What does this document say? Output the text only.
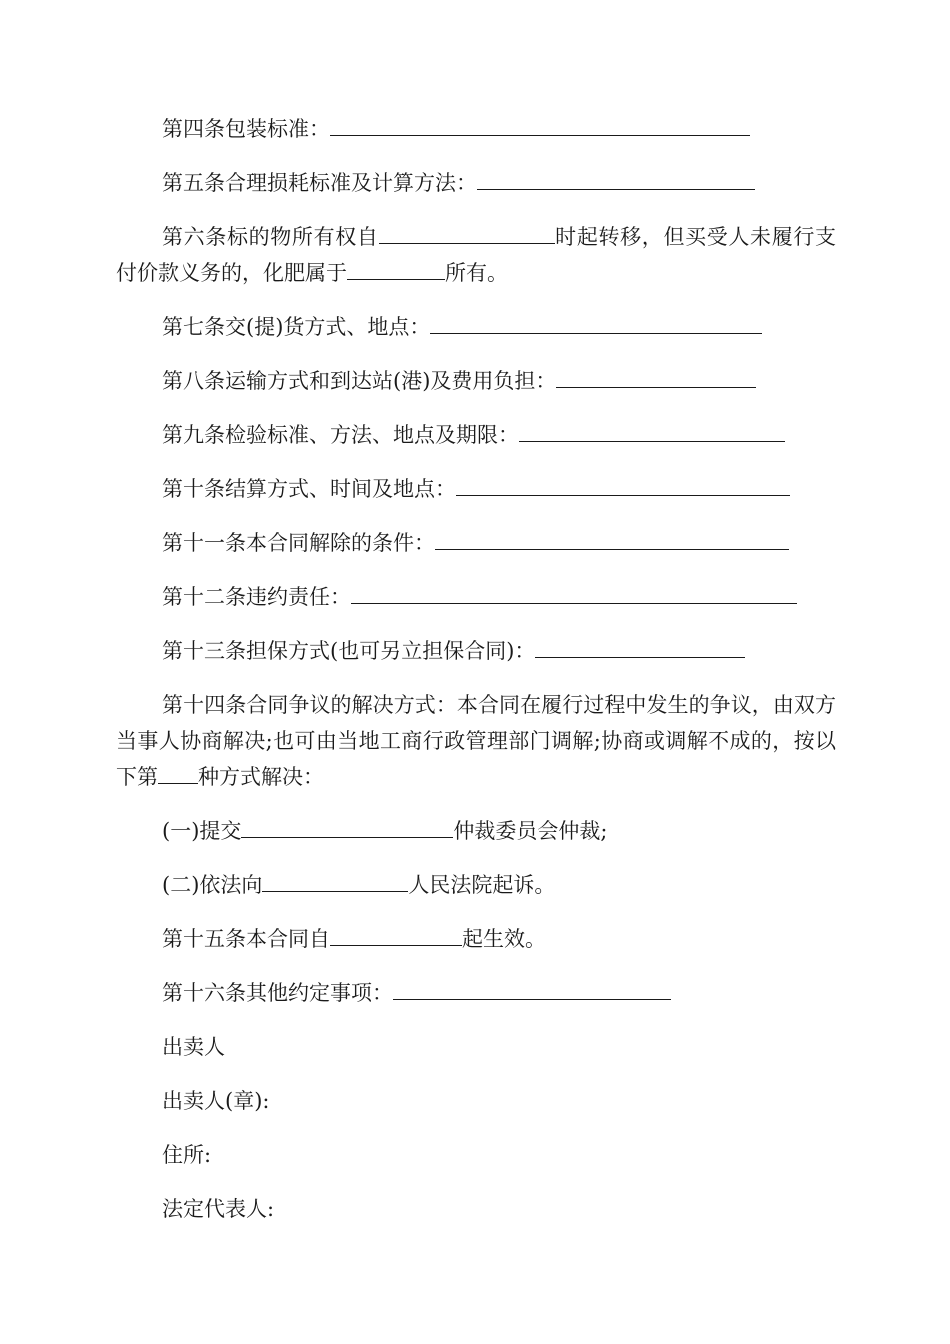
第四条包装标准：

第五条合理损耗标准及计算方法：

第六条标的物所有权自	时起转移，但买受人未履行支付价款义务的，化肥属于	所有。

第七条交(提)货方式、地点：

第八条运输方式和到达站(港)及费用负担：

第九条检验标准、方法、地点及期限：

第十条结算方式、时间及地点：

第十一条本合同解除的条件：

第十二条违约责任：

第十三条担保方式(也可另立担保合同)：

第十四条合同争议的解决方式：本合同在履行过程中发生的争议，由双方当事人协商解决;也可由当地工商行政管理部门调解;协商或调解不成的，按以下第 种方式解决：

(一)提交	仲裁委员会仲裁;

(二)依法向	人民法院起诉。

第十五条本合同自	起生效。

第十六条其他约定事项：

出卖人

出卖人(章):

住所:

法定代表人:
